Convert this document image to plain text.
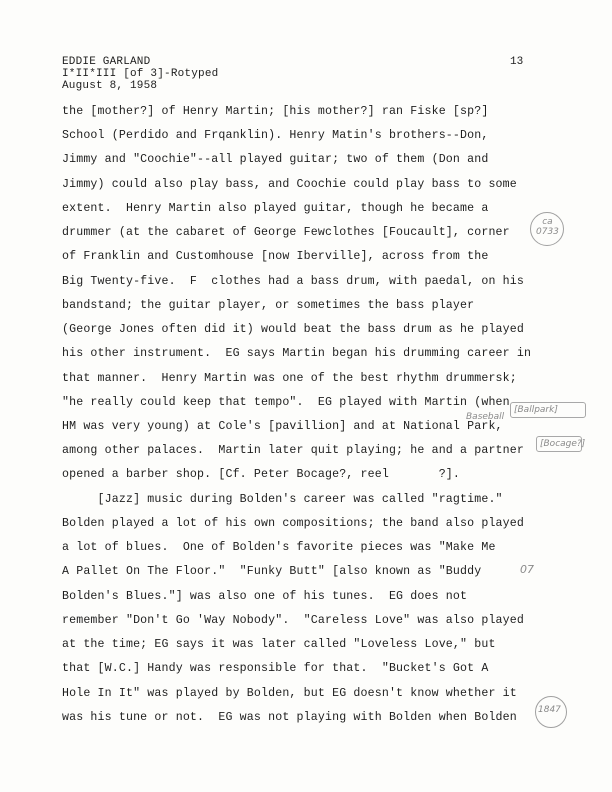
EDDIE GARLAND
I*II*III [of 3]-Rotyped
August 8, 1958
13
the [mother?] of Henry Martin; [his mother?] ran Fiske [sp?]
School (Perdido and Frqanklin). Henry Matin's brothers--Don,
Jimmy and "Coochie"--all played guitar; two of them (Don and
Jimmy) could also play bass, and Coochie could play bass to some
extent.  Henry Martin also played guitar, though he became a
drummer (at the cabaret of George Fewclothes [Foucault], corner
of Franklin and Customhouse [now Iberville], across from the
Big Twenty-five.  F  clothes had a bass drum, with paedal, on his
bandstand; the guitar player, or sometimes the bass player
(George Jones often did it) would beat the bass drum as he played
his other instrument.  EG says Martin began his drumming career in
that manner.  Henry Martin was one of the best rhythm drummersk;
"he really could keep that tempo".  EG played with Martin (when
HM was very young) at Cole's [pavillion] and at National Park,
among other palaces.  Martin later quit playing; he and a partner
opened a barber shop. [Cf. Peter Bocage?, reel       ?].
[Jazz] music during Bolden's career was called "ragtime."
Bolden played a lot of his own compositions; the band also played
a lot of blues.  One of Bolden's favorite pieces was "Make Me
A Pallet On The Floor."  "Funky Butt" [also known as "Buddy
Bolden's Blues."] was also one of his tunes.  EG does not
remember "Don't Go 'Way Nobody".  "Careless Love" was also played
at the time; EG says it was later called "Loveless Love," but
that [W.C.] Handy was responsible for that.  "Bucket's Got A
Hole In It" was played by Bolden, but EG doesn't know whether it
was his tune or not.  EG was not playing with Bolden when Bolden
ca
0733
Baseball
[Ballpark]
[Bocage?]
07
1847
